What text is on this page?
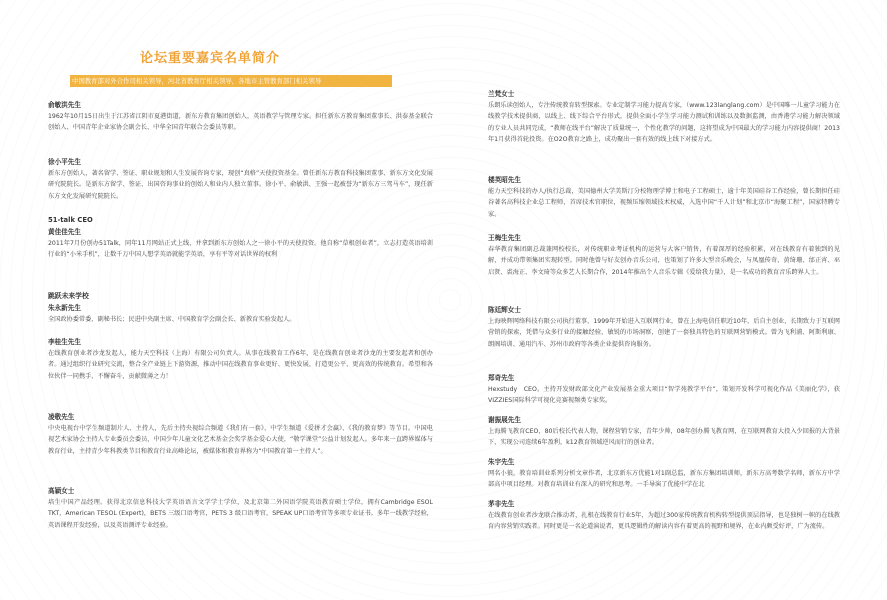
论坛重要嘉宾名单简介
中国教育部对外合作司相关领导，河北省教育厅相关领导，各地市主管教育部门相关领导
俞敏洪先生
1962年10月15日出生于江苏省江阴市夏港街道，新东方教育集团创始人，英语教学与管理专家。担任新东方教育集团董事长、洪泰基金联合创始人、中国青年企业家协会副会长、中华全国青年联合会委员等职。
徐小平先生
新东方创始人，著名留学、签证、职业规划和人生发展咨询专家，现创“真格”天使投资基金。曾任新东方教育科技集团董事、新东方文化发展研究院院长。是新东方留学、签证、出国咨询事业的创始人和业内人独立董事。徐小平、俞敏洪、王强一起被誉为“新东方三驾马车”，现任新东方文化发展研究院院长。
51-talk CEO
黄佳佳先生
2011年7月份创办51Talk，同年11月网站正式上线，并拿到新东方创始人之一徐小平的天使投资。他自称“草根创业者”，立志打造英语培训行业的“小米手机”，让数千万中国人想学英语就能学英语，享有平等对话世界的权利
跳跃未来学校
朱永新先生
全国政协委常委、副秘书长；民进中央副主席、中国教育学会副会长、新教育实验发起人。
李桂生先生
在线教育创业者沙龙发起人，能力天空科技（上海）有限公司负责人。从事在线教育工作6年，是在线教育创业者沙龙的主要发起者和创办者。通过组织行业研究交流，整合全产业链上下游资源，推动中国在线教育事业更好、更快发展，打造更公平、更高效的传统教育。希望和各位伙伴一同携手，不懈奋斗，贡献微薄之力！
凌敬先生
中央电视台中学生频道制片人、主持人，先后主持央视综合频道《我们有一套》、中学生频道《爱拼才会赢》、《我的教育梦》等节目。中国电视艺术家协会主持人专业委员会委员，中国少年儿童文化艺术基金会奖学基金爱心大使，“敬学课堂”公益计划发起人。多年来一直跨界媒体与教育行业，主持青少年科教类节目和教育行业高峰论坛，被媒体和教育界称为“中国教育第一主持人”。
高颖女士
培生中国产品经理。获得北京信息科技大学英语语言文学学士学位，及北京第二外国语学院英语教育硕士学位，拥有Cambridge ESOL TKT，American TESOL (Expert)，BETS 三级口语考官，PETS 3 级口语考官，SPEAK UP口语考官等多项专业证书。多年一线教学经验，英语课程开发经验，以及英语测评专业经验。
兰梵女士
乐朗乐读创始人，专注传统教育转型探索。专业定制学习能力提高专家，（www.123langlang.com）是中国唯一儿童学习能力在线教学技术提供商，以线上、线下综合平台形式，提供全面小学生学习能力测试和训练以及数据监测，由香港学习能力解决领域的专业人员共同完成，“教师在线平台”解决了质量统一，个性化教学的问题，这将望成为中国最大的学习能力内容提供商！2013年1月获得首轮投资。在O2O教育之路上，成功聚出一套有效的线上线下对接方式。
楼英昭先生
能力天空科技的办人/执行总裁，美国德州大学美斯汀分校物理学博士和电子工程硕士，逾十年美国硅谷工作经验，曾长期担任硅谷著名高科技企业总工程师，首席技术官职位，视频压缩领域技术权威，入选中国“千人计划”和北京市“海聚工程”，国家特聘专家。
王梅生先生
春华教育集团副总裁兼网校校长，对传统职业考证机构的运营与大客户销售，有着深厚的经验积累，对在线教育有着独到的见解，并成功带领集团实现转型。同时他曾与好友创办音乐公司，也策划了许多大型音乐晚会，与凤凰传奇、黄绮珊、邰正宵、巫启贤、裘海正、李文琦等众多艺人长期合作，2014年推出个人音乐专辑《爱给我力量》，是一名成功的教育音乐跨界人士。
陈廷辉女士
上海映辉网络科技有限公司执行董事，1999年开始进入互联网行业，曾在上海电信任职近10年，后自主创业，长期致力于互联网营销的探索，凭借与众多行业的接触经验，敏锐的市场洞察，创建了一套独具特色的互联网营销模式。曾为飞利浦、阿斯利康、朗阁培训、通用汽车、苏州市政府等各类企业提供咨询服务。
郑奇先生
Hexstudy　CEO。主持开发财政部文化产业发展基金重大项目“智学苑教学平台”，策划开发科学可视化作品《美丽化学》，获VIZZIES国际科学可视化竞赛视频类专家奖。
谢振展先生
上海腾飞教育CEO，80后校长代表人物，课程营销专家，青年少帅，08年创办腾飞教育网，在互联网教育大投入少回报的大背景下，实现公司连续6年盈利，k12教育领域逆风而行的创业者。
朱宇先生
网名小狼，教育培训业系列分析文章作者，北京新东方优能1对1副总监，新东方集团培训师，新东方高考数学名师，新东方中学部高中项目经理。对教育培训业有深入的研究和思考。一手导演了优能中学在北
茅非先生
在线教育创业者沙龙联合推动者，扎根在线教育行业5年，为超过300家传统教育机构转型提供顶层指导，也是独树一帜的在线教育内容营销实践者。同时更是一名论道演说者，更具逻辑性的解读内容有着更高的视野和境界，在业内颇受好评，广为流传。
